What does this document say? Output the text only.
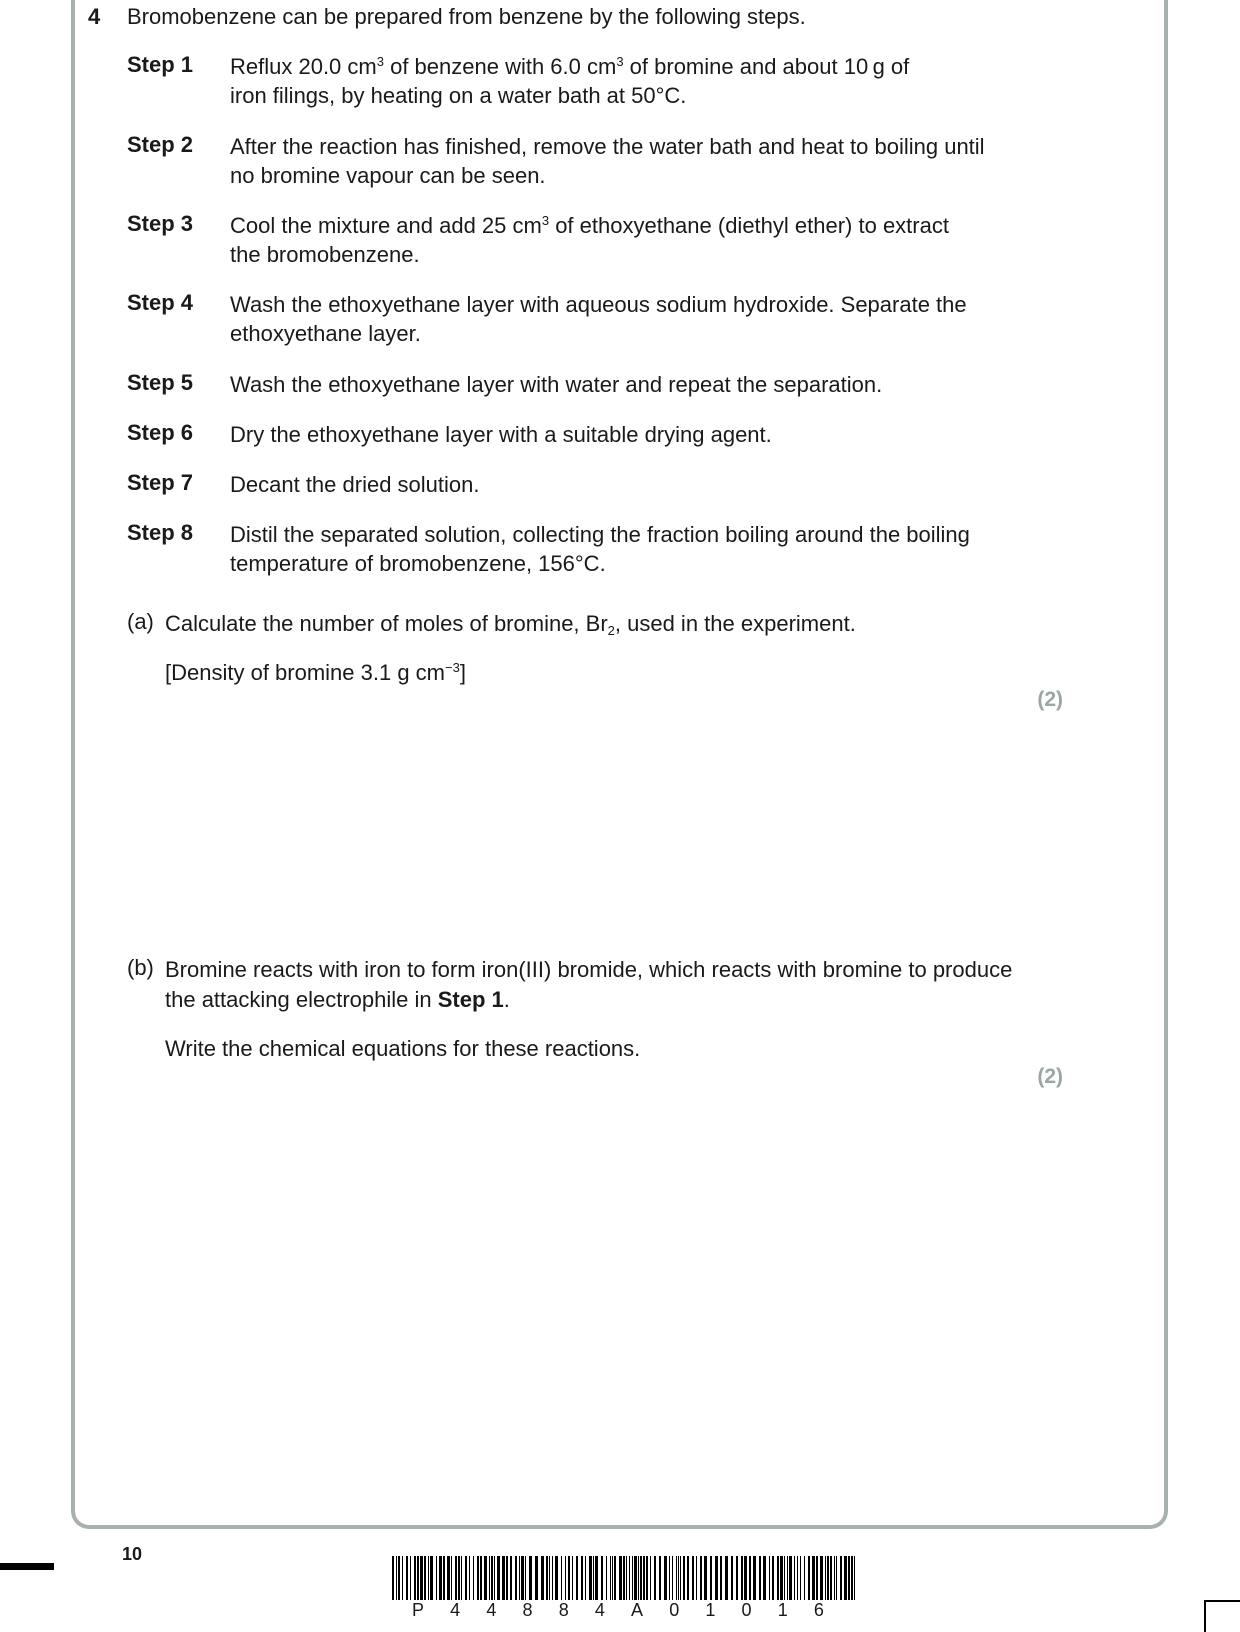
4 Bromobenzene can be prepared from benzene by the following steps.
Step 1 Reflux 20.0 $cm^3$ of benzene with 6.0 $cm^3$ of bromine and about 10 g of
iron filings, by heating on a water bath at 50°C.
Step 2 After the reaction has finished, remove the water bath and heat to boiling until no bromine vapour can be seen.
Step 3 Cool the mixture and add 25 $cm^3$ of ethoxyethane (diethyl ether) to extract
the bromobenzene.
Step 4 Wash the ethoxyethane layer with aqueous sodium hydroxide. Separate the ethoxyethane layer.
Step 5 Wash the ethoxyethane layer with water and repeat the separation.
Step 6 Dry the ethoxyethane layer with a suitable drying agent.
Step 7 Decant the dried solution.
Step 8 Distil the separated solution, collecting the fraction boiling around the boiling temperature of bromobenzene, 156°C.
(a) Calculate the number of moles of bromine, $Br_2$, used in the experiment.
[Density of bromine 3.1 g $cm^{-3}$]
(2)
(b) Bromine reacts with iron to form iron(III) bromide, which reacts with bromine to produce the attacking electrophile in Step 1.
Write the chemical equations for these reactions.
(2)
10
P 4 4 8 8 4 A 0 1 0 1 6
